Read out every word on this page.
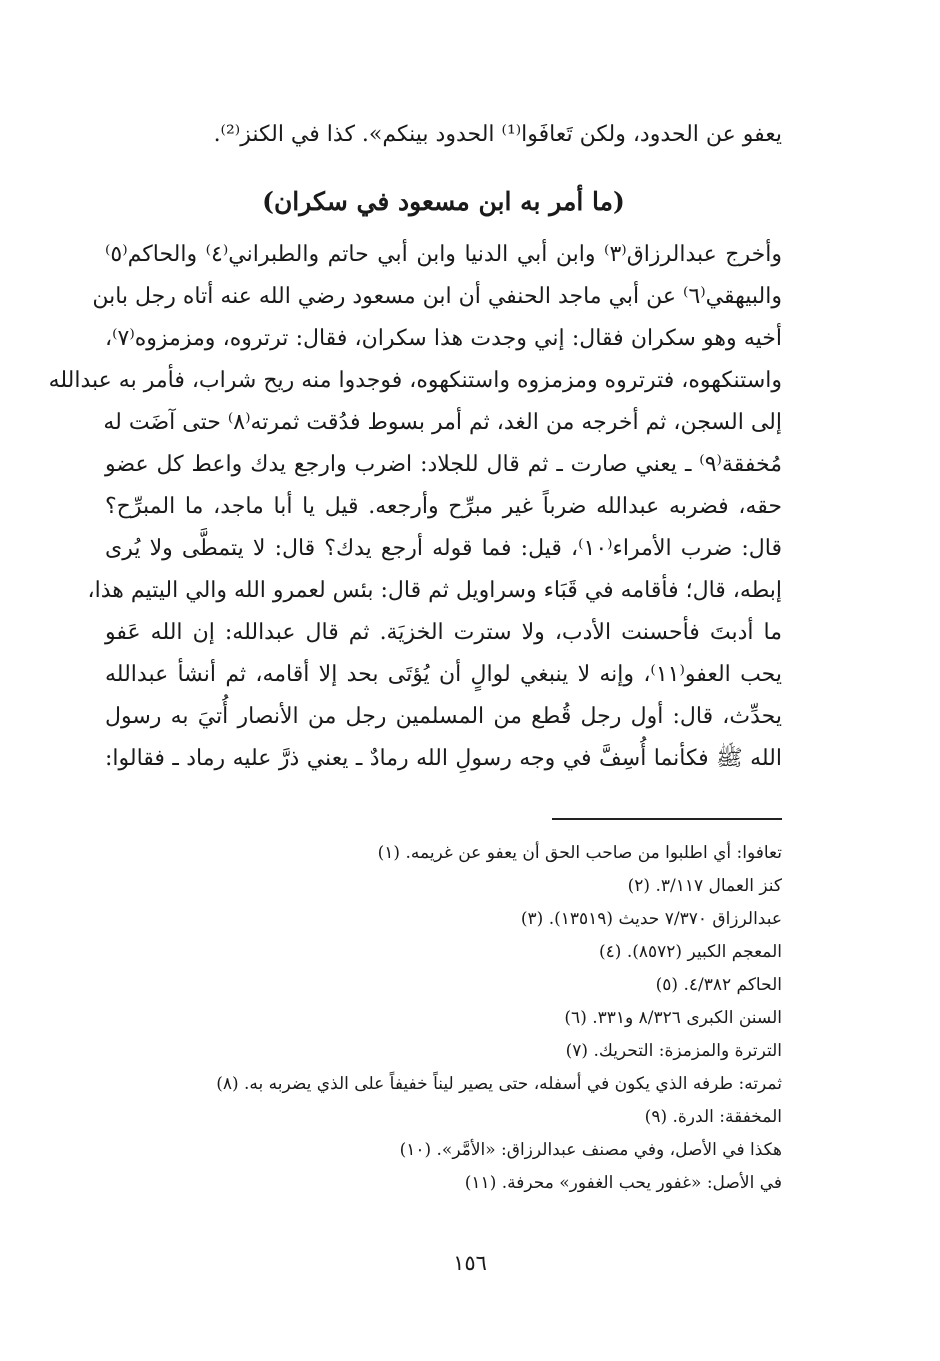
يعفو عن الحدود، ولكن تَعافَوا⁽¹⁾ الحدود بينكم». كذا في الكنز⁽²⁾.
(ما أمر به ابن مسعود في سكران)
وأخرج عبدالرزاق⁽٣⁾ وابن أبي الدنيا وابن أبي حاتم والطبراني⁽٤⁾ والحاكم⁽٥⁾
والبيهقي⁽٦⁾ عن أبي ماجد الحنفي أن ابن مسعود رضي الله عنه أتاه رجل بابن
أخيه وهو سكران فقال: إني وجدت هذا سكران، فقال: ترتروه، ومزمزوه⁽٧⁾،
واستنكهوه، فترتروه ومزمزوه واستنكهوه، فوجدوا منه ريح شراب، فأمر به عبدالله
إلى السجن، ثم أخرجه من الغد، ثم أمر بسوط فدُقت ثمرته⁽٨⁾ حتى آضَت له
مُخفقة⁽٩⁾ ـ يعني صارت ـ ثم قال للجلاد: اضرب وارجع يدك واعط كل عضو
حقه، فضربه عبدالله ضرباً غير مبرِّح وأرجعه. قيل يا أبا ماجد، ما المبرِّح؟
قال: ضرب الأمراء⁽١٠⁾، قيل: فما قوله أرجع يدك؟ قال: لا يتمطَّى ولا يُرى
إبطه، قال؛ فأقامه في قَبَاء وسراويل ثم قال: بئس لعمرو الله والي اليتيم هذا،
ما أدبتَ فأحسنت الأدب، ولا سترت الخزيَة. ثم قال عبدالله: إن الله عَفو
يحب العفو⁽١١⁾، وإنه لا ينبغي لوالٍ أن يُؤتَى بحد إلا أقامه، ثم أنشأ عبدالله
يحدِّث، قال: أول رجل قُطع من المسلمين رجل من الأنصار أُتيَ به رسول
الله ﷺ فكأنما أُسِفَّ في وجه رسولِ الله رمادٌ ـ يعني ذرَّ عليه رماد ـ فقالوا:
(١) تعافوا: أي اطلبوا من صاحب الحق أن يعفو عن غريمه.
(٢) كنز العمال ٣/١١٧.
(٣) عبدالرزاق ٧/٣٧٠ حديث (١٣٥١٩).
(٤) المعجم الكبير (٨٥٧٢).
(٥) الحاكم ٤/٣٨٢.
(٦) السنن الكبرى ٨/٣٢٦ و٣٣١.
(٧) الترترة والمزمزة: التحريك.
(٨) ثمرته: طرفه الذي يكون في أسفله، حتى يصير ليناً خفيفاً على الذي يضربه به.
(٩) المخفقة: الدرة.
(١٠) هكذا في الأصل، وفي مصنف عبدالرزاق: «الأمَّر».
(١١) في الأصل: «غفور يحب الغفور» محرفة.
١٥٦
